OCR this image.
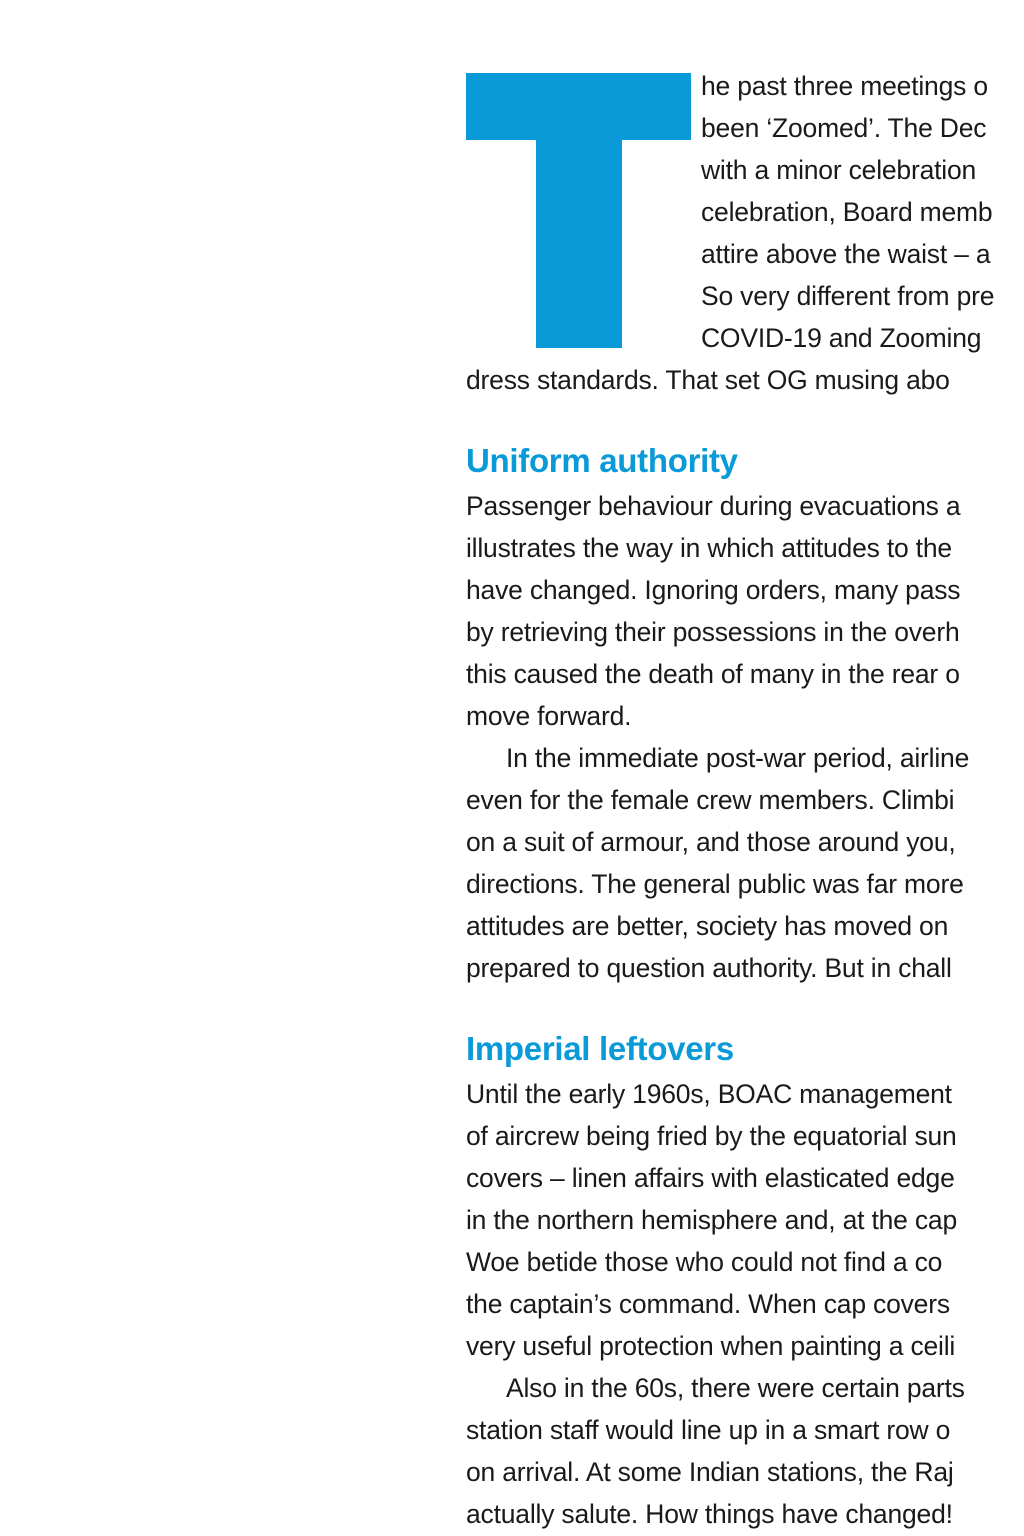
he past three meetings o
been ‘Zoomed’. The Dec
with a minor celebration
celebration, Board memb
attire above the waist – a
So very different from pre
COVID-19 and Zooming
dress standards. That set OG musing abo
Uniform authority
Passenger behaviour during evacuations a
illustrates the way in which attitudes to the
have changed. Ignoring orders, many pass
by retrieving their possessions in the overh
this caused the death of many in the rear o
move forward.
In the immediate post-war period, airline
even for the female crew members. Climbi
on a suit of armour, and those around you,
directions. The general public was far more
attitudes are better, society has moved on
prepared to question authority. But in chall
Imperial leftovers
Until the early 1960s, BOAC management
of aircrew being fried by the equatorial sun
covers – linen affairs with elasticated edge
in the northern hemisphere and, at the cap
Woe betide those who could not find a co
the captain’s command. When cap covers
very useful protection when painting a ceili
Also in the 60s, there were certain parts
station staff would line up in a smart row o
on arrival. At some Indian stations, the Raj
actually salute. How things have changed!
